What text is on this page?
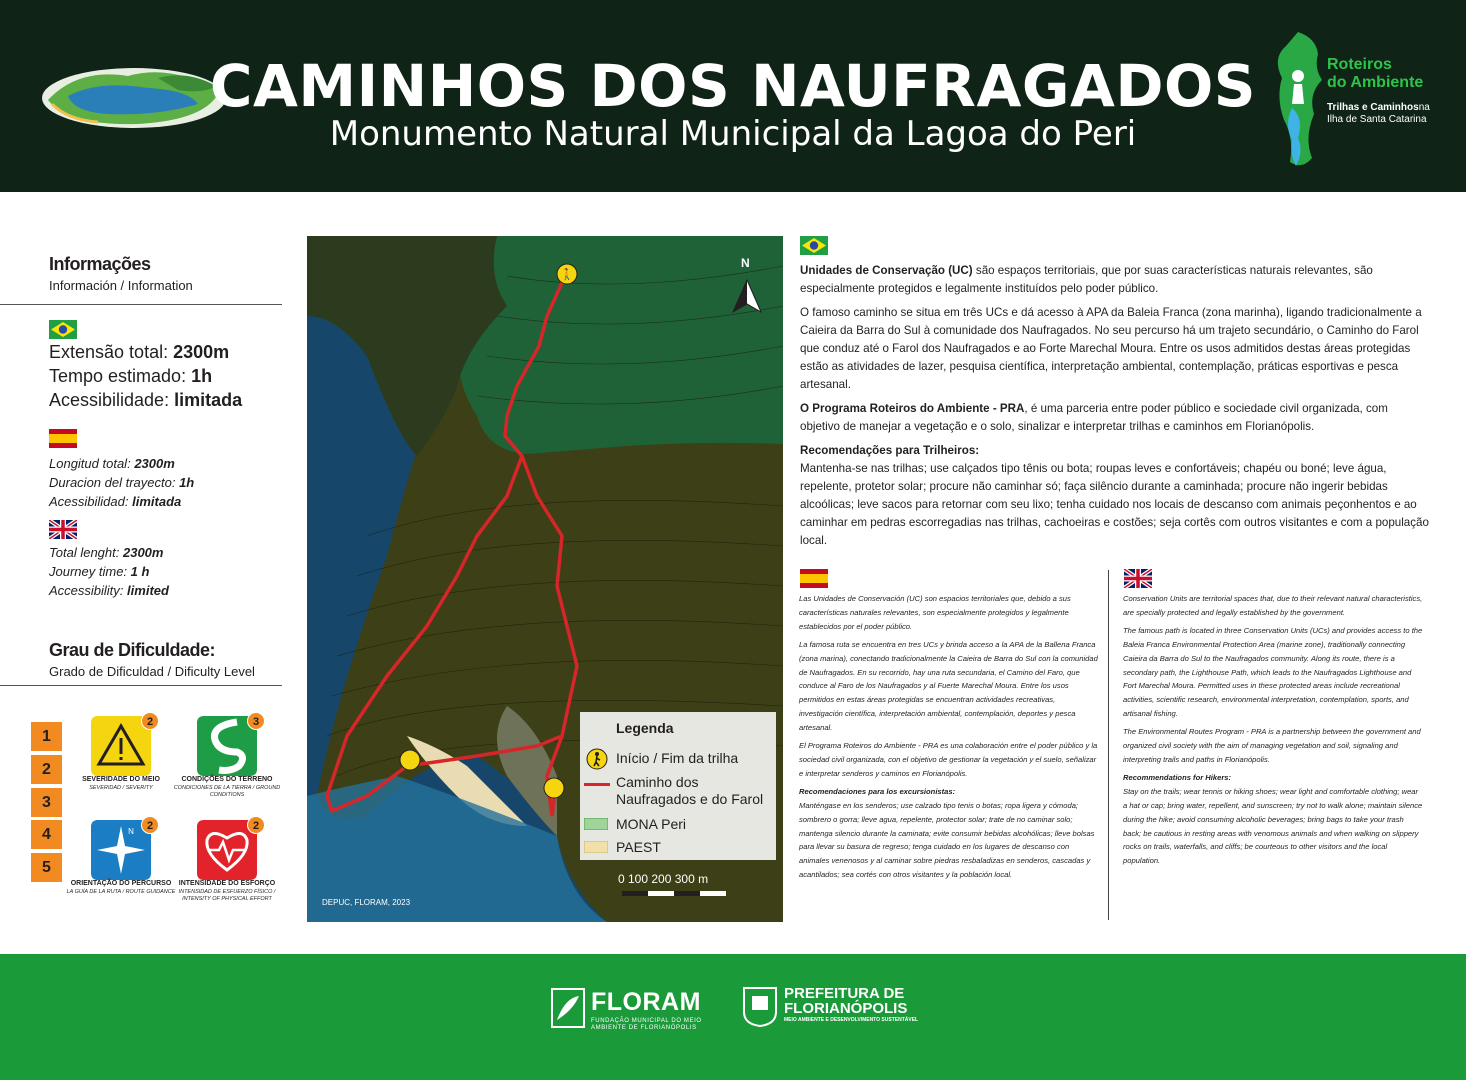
CAMINHOS DOS NAUFRAGADOS
Monumento Natural Municipal da Lagoa do Peri
Roteiros
do Ambiente
Trilhas e Caminhosna
Ilha de Santa Catarina
Informações
Información / Information
Extensão total: 2300m
Tempo estimado: 1h
Acessibilidade: limitada
Longitud total: 2300m
Duracion del trayecto: 1h
Acessibilidad: limitada
Total lenght: 2300m
Journey time: 1 h
Accessibility: limited
Grau de Dificuldade:
Grado de Dificuldad / Dificulty Level
1
2
3
4
5
2
SEVERIDADE DO MEIO
SEVERIDAD / SEVERITY
3
CONDIÇÕES DO TERRENO
CONDICIONES DE LA TIERRA / GROUND CONDITIONS
N	2
ORIENTAÇÃO DO PERCURSO
LA GUÍA DE LA RUTA / ROUTE GUIDANCE
2
INTENSIDADE DO ESFORÇO
INTENSIDAD DE ESFUERZO FÍSICO / INTENSITY OF PHYSICAL EFFORT
🚶
N
Legenda
Início / Fim da trilha
Caminho dos Naufragados e do Farol
MONA Peri
PAEST
0 100 200 300 m
DEPUC, FLORAM, 2023

Unidades de Conservação (UC) são espaços territoriais, que por suas características naturais relevantes, são especialmente protegidos e legalmente instituídos pelo poder público.

O famoso caminho se situa em três UCs e dá acesso à APA da Baleia Franca (zona marinha), ligando tradicionalmente a Caieira da Barra do Sul à comunidade dos Naufragados. No seu percurso há um trajeto secundário, o Caminho do Farol que conduz até o Farol dos Naufragados e ao Forte Marechal Moura. Entre os usos admitidos destas áreas protegidas estão as atividades de lazer, pesquisa científica, interpretação ambiental, contemplação, práticas esportivas e pesca artesanal.

O Programa Roteiros do Ambiente - PRA, é uma parceria entre poder público e sociedade civil organizada, com objetivo de manejar a vegetação e o solo, sinalizar e interpretar trilhas e caminhos em Florianópolis.

Recomendações para Trilheiros:

Mantenha-se nas trilhas; use calçados tipo tênis ou bota; roupas leves e confortáveis; chapéu ou boné; leve água, repelente, protetor solar; procure não caminhar só; faça silêncio durante a caminhada; procure não ingerir bebidas alcoólicas; leve sacos para retornar com seu lixo; tenha cuidado nos locais de descanso com animais peçonhentos e ao caminhar em pedras escorregadias nas trilhas, cachoeiras e costões; seja cortês com outros visitantes e com a população local.

Las Unidades de Conservación (UC) son espacios territoriales que, debido a sus características naturales relevantes, son especialmente protegidos y legalmente establecidos por el poder público.

La famosa ruta se encuentra en tres UCs y brinda acceso a la APA de la Ballena Franca (zona marina), conectando tradicionalmente la Caieira de Barra do Sul con la comunidad de Naufragados. En su recorrido, hay una ruta secundaria, el Camino del Faro, que conduce al Faro de los Naufragados y al Fuerte Marechal Moura. Entre los usos permitidos en estas áreas protegidas se encuentran actividades recreativas, investigación científica, interpretación ambiental, contemplación, deportes y pesca artesanal.

El Programa Roteiros do Ambiente - PRA es una colaboración entre el poder público y la sociedad civil organizada, con el objetivo de gestionar la vegetación y el suelo, señalizar e interpretar senderos y caminos en Florianópolis.

Recomendaciones para los excursionistas:

Manténgase en los senderos; use calzado tipo tenis o botas; ropa ligera y cómoda; sombrero o gorra; lleve agua, repelente, protector solar; trate de no caminar solo; mantenga silencio durante la caminata; evite consumir bebidas alcohólicas; lleve bolsas para llevar su basura de regreso; tenga cuidado en los lugares de descanso con animales venenosos y al caminar sobre piedras resbaladizas en senderos, cascadas y acantilados; sea cortés con otros visitantes y la población local.

Conservation Units are territorial spaces that, due to their relevant natural characteristics, are specially protected and legally established by the government.

The famous path is located in three Conservation Units (UCs) and provides access to the Baleia Franca Environmental Protection Area (marine zone), traditionally connecting Caieira da Barra do Sul to the Naufragados community. Along its route, there is a secondary path, the Lighthouse Path, which leads to the Naufragados Lighthouse and Fort Marechal Moura. Permitted uses in these protected areas include recreational activities, scientific research, environmental interpretation, contemplation, sports, and artisanal fishing.

The Environmental Routes Program - PRA is a partnership between the government and organized civil society with the aim of managing vegetation and soil, signaling and interpreting trails and paths in Florianópolis.

Recommendations for Hikers:

Stay on the trails; wear tennis or hiking shoes; wear light and comfortable clothing; wear a hat or cap; bring water, repellent, and sunscreen; try not to walk alone; maintain silence during the hike; avoid consuming alcoholic beverages; bring bags to take your trash back; be cautious in resting areas with venomous animals and when walking on slippery rocks on trails, waterfalls, and cliffs; be courteous to other visitors and the local population.

FLORAM
FUNDAÇÃO MUNICIPAL DO MEIO AMBIENTE DE FLORIANÓPOLIS
PREFEITURA DE
FLORIANÓPOLIS
MEIO AMBIENTE E DESENVOLVIMENTO SUSTENTÁVEL
